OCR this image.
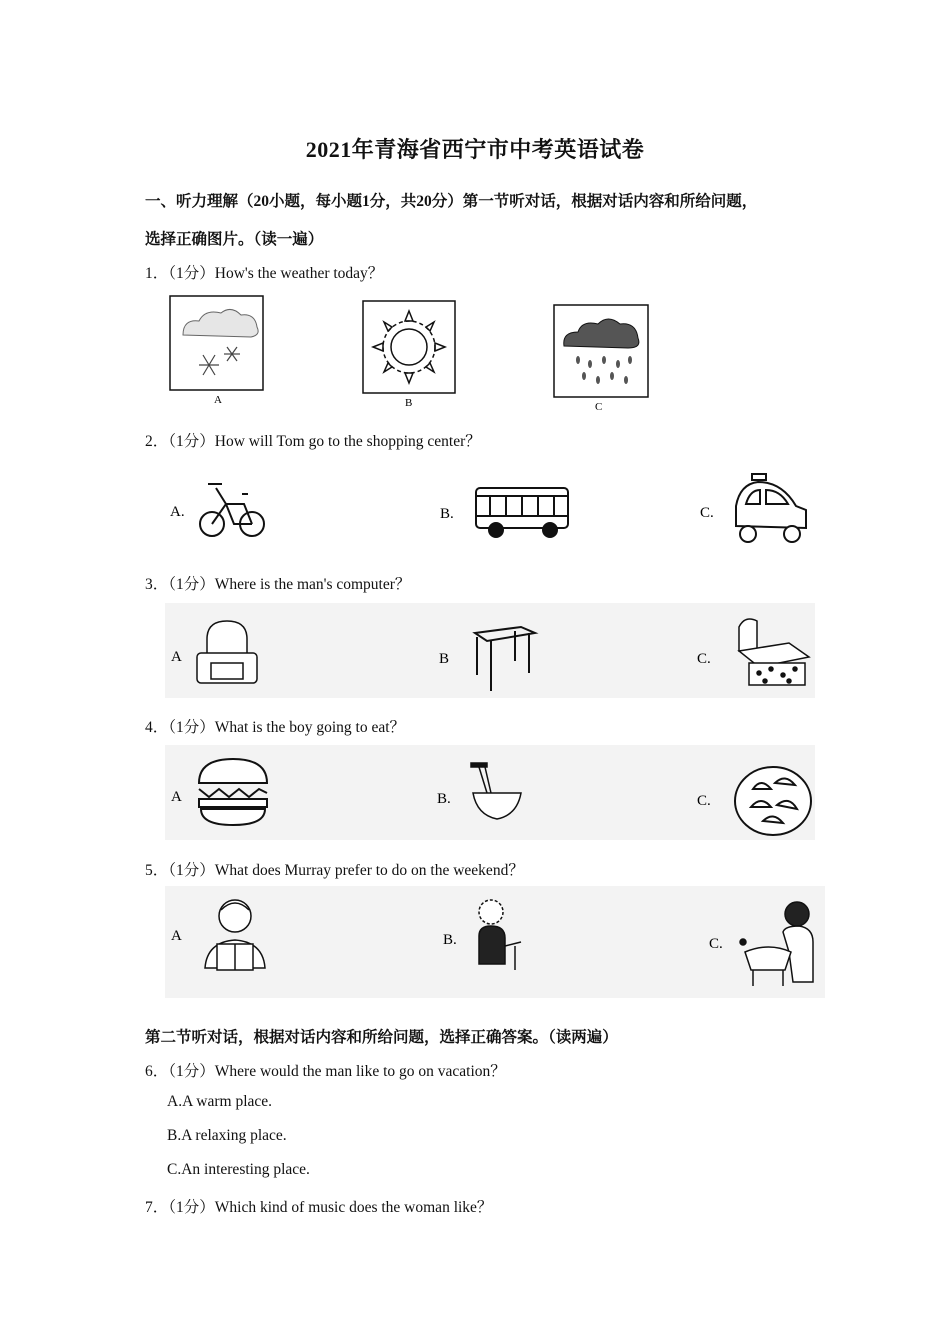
2021年青海省西宁市中考英语试卷
一、听力理解（20小题，每小题1分，共20分）第一节听对话，根据对话内容和所给问题，
选择正确图片。（读一遍）
1．（1分）How's the weather today？
A	B	C
2．（1分）How will Tom go to the shopping center？
A.	B.	C.
3．（1分）Where is the man's computer？
A	B	C.
4．（1分）What is the boy going to eat？
A	B.	C.
5．（1分）What does Murray prefer to do on the weekend？
A	B.	C.
第二节听对话，根据对话内容和所给问题，选择正确答案。（读两遍）
6．（1分）Where would the man like to go on vacation？
A.A warm place.
B.A relaxing place.
C.An interesting place.
7．（1分）Which kind of music does the woman like？
